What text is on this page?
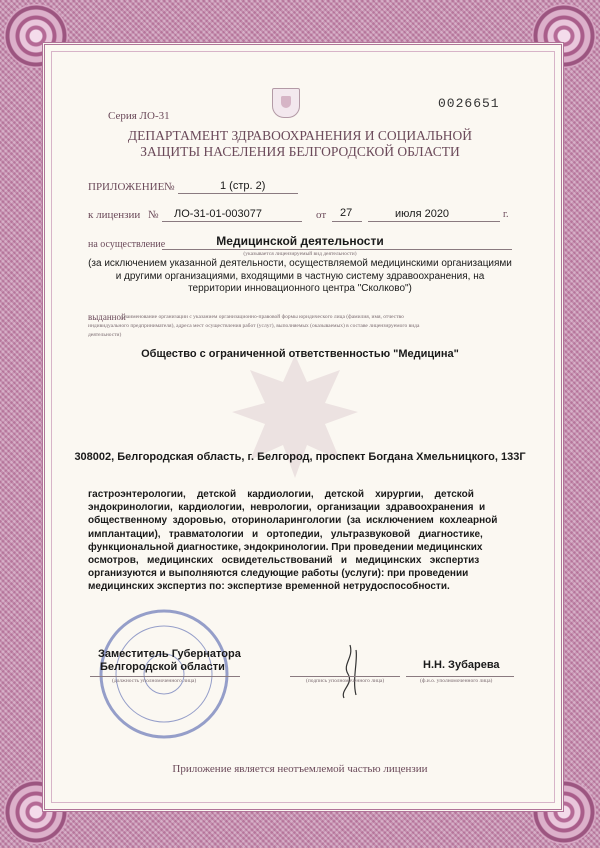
Серия ЛО-31
0026651
ДЕПАРТАМЕНТ ЗДРАВООХРАНЕНИЯ И СОЦИАЛЬНОЙ
ЗАЩИТЫ НАСЕЛЕНИЯ БЕЛГОРОДСКОЙ ОБЛАСТИ
ПРИЛОЖЕНИЕ №	1 (стр. 2)
к лицензии № ЛО-31-01-003077	от 27	июля 2020	г.
на осуществление	Медицинской деятельности
(указывается лицензируемый вид деятельности)
(за исключением указанной деятельности, осуществляемой медицинскими организациями
и другими организациями, входящими в частную систему здравоохранения, на
территории инновационного центра "Сколково")
выданной
(наименование организации с указанием организационно-правовой формы юридического лица (фамилия, имя, отчество
индивидуального предпринимателя), адреса мест осуществления работ (услуг), выполняемых (оказываемых) в составе лицензируемого вида
деятельности)
Общество с ограниченной ответственностью "Медицина"
308002, Белгородская область, г. Белгород, проспект Богдана Хмельницкого, 133Г
гастроэнтерологии,    детской    кардиологии,    детской    хирургии,    детской
эндокринологии,  кардиологии,  неврологии,  организации  здравоохранения  и
общественному  здоровью,  оториноларингологии  (за  исключением  кохлеарной
имплантации),   травматологии   и   ортопедии,   ультразвуковой   диагностике,
функциональной диагностике, эндокринологии. При проведении медицинских
осмотров,   медицинских   освидетельствований   и   медицинских   экспертиз
организуются и выполняются следующие работы (услуги): при проведении
медицинских экспертиз по: экспертизе временной нетрудоспособности.
Заместитель Губернатора
Белгородской области
(должность уполномоченного лица)	(подпись уполномоченного лица)
Н.Н. Зубарева
(ф.и.о. уполномоченного лица)
Приложение является неотъемлемой частью лицензии
